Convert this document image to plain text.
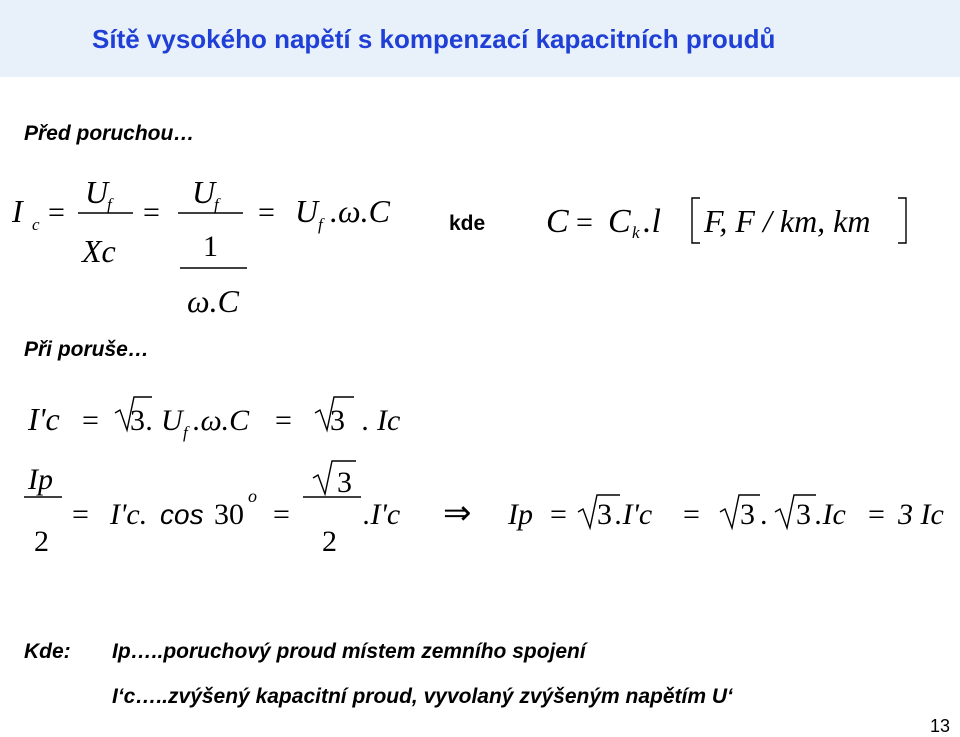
Sítě vysokého napětí s kompenzací kapacitních proudů
Před poruchou…
Při poruše…
I c =
U
f
Xc
=
U
f
1
ω.C
= U f .ω.C	C = C k .l F, F / km, km
I'c = 3 . U f .ω.C = 3 . Ic
Ip
2
= I'c. cos 30
o
=
3
2
.I'c ⇒ Ip = 3 .I'c = 3 . 3 .Ic = 3 Ic
kde
Kde: Ip…..poruchový proud místem zemního spojení
I‘c…..zvýšený kapacitní proud, vyvolaný zvýšeným napětím U‘
13
